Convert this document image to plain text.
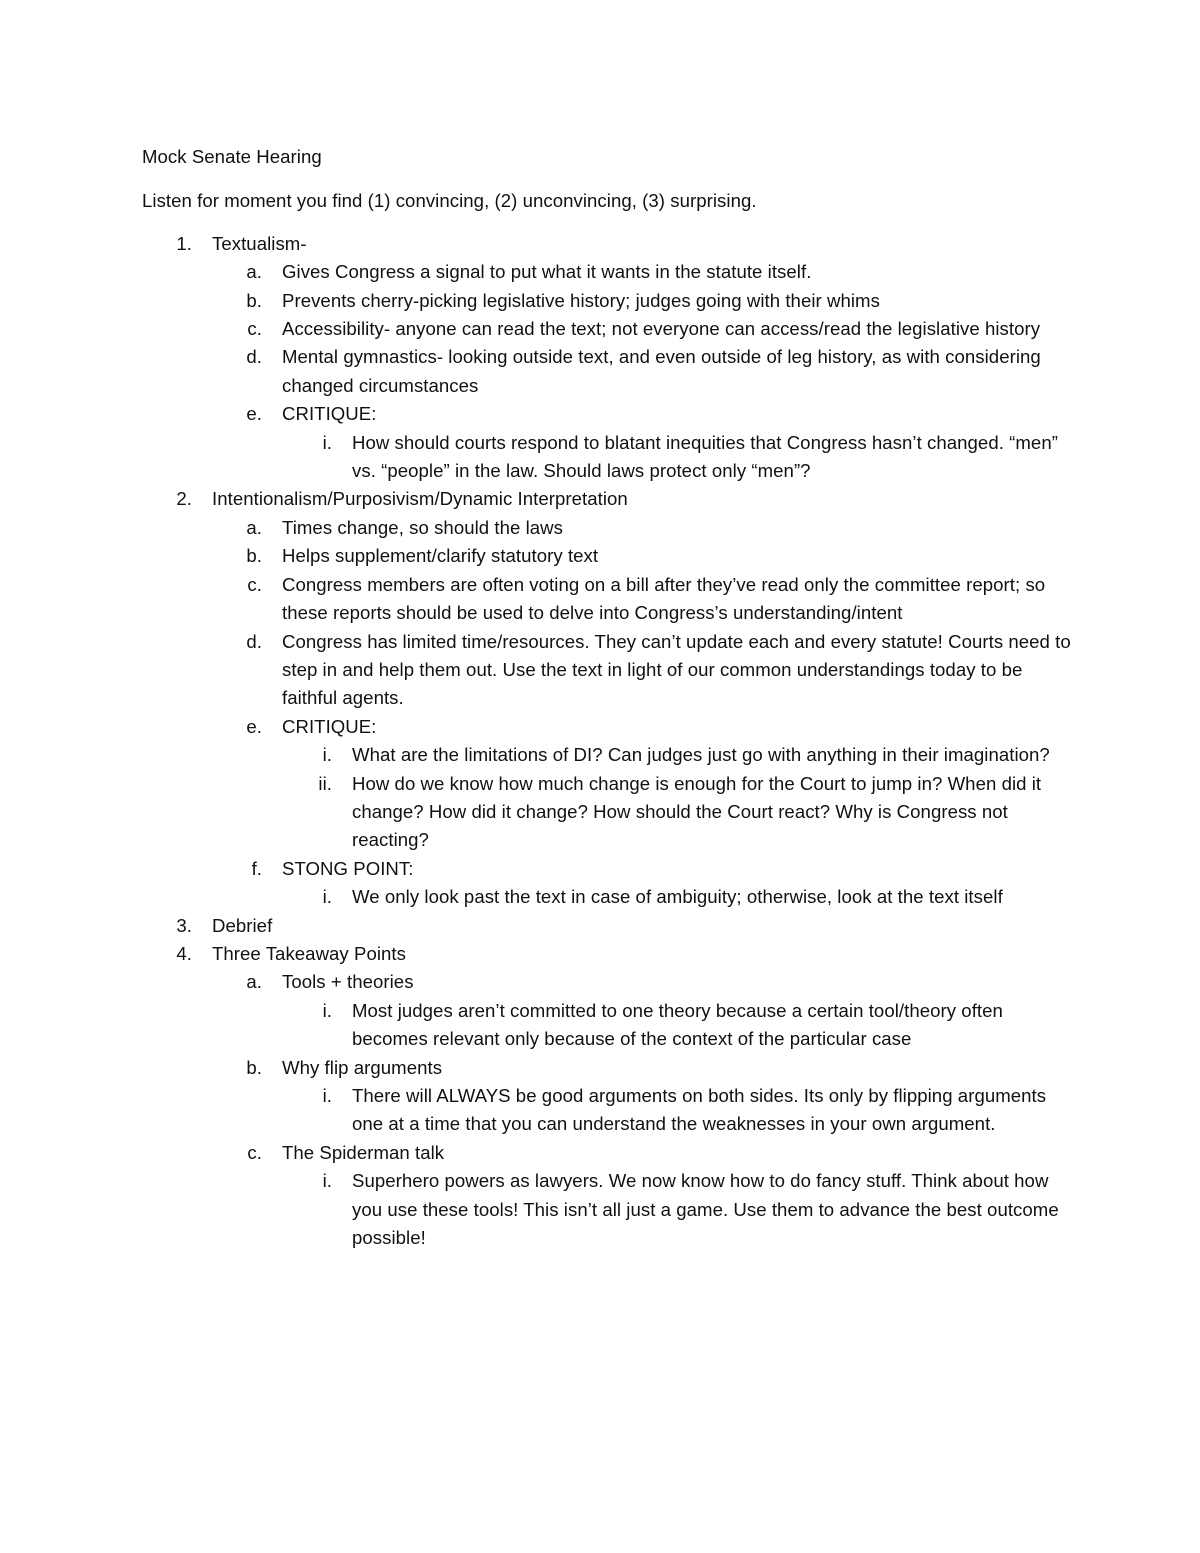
Mock Senate Hearing

Listen for moment you find (1) convincing, (2) unconvincing, (3) surprising.

1.	Textualism-
a.	Gives Congress a signal to put what it wants in the statute itself.
b.	Prevents cherry-picking legislative history; judges going with their whims
c.	Accessibility- anyone can read the text; not everyone can access/read the legislative history
d.	Mental gymnastics- looking outside text, and even outside of leg history, as with considering changed circumstances
e.	CRITIQUE:
i.	How should courts respond to blatant inequities that Congress hasn’t changed. “men” vs. “people” in the law. Should laws protect only “men”?
2.	Intentionalism/Purposivism/Dynamic Interpretation
a.	Times change, so should the laws
b.	Helps supplement/clarify statutory text
c.	Congress members are often voting on a bill after they’ve read only the committee report; so these reports should be used to delve into Congress’s understanding/intent
d.	Congress has limited time/resources. They can’t update each and every statute! Courts need to step in and help them out. Use the text in light of our common understandings today to be faithful agents.
e.	CRITIQUE:
i.	What are the limitations of DI? Can judges just go with anything in their imagination?
ii.	How do we know how much change is enough for the Court to jump in? When did it change? How did it change? How should the Court react? Why is Congress not reacting?
f.	STONG POINT:
i.	We only look past the text in case of ambiguity; otherwise, look at the text itself
3.	Debrief
4.	Three Takeaway Points
a.	Tools + theories
i.	Most judges aren’t committed to one theory because a certain tool/theory often becomes relevant only because of the context of the particular case
b.	Why flip arguments
i.	There will ALWAYS be good arguments on both sides. Its only by flipping arguments one at a time that you can understand the weaknesses in your own argument.
c.	The Spiderman talk
i.	Superhero powers as lawyers. We now know how to do fancy stuff. Think about how you use these tools! This isn’t all just a game. Use them to advance the best outcome possible!
